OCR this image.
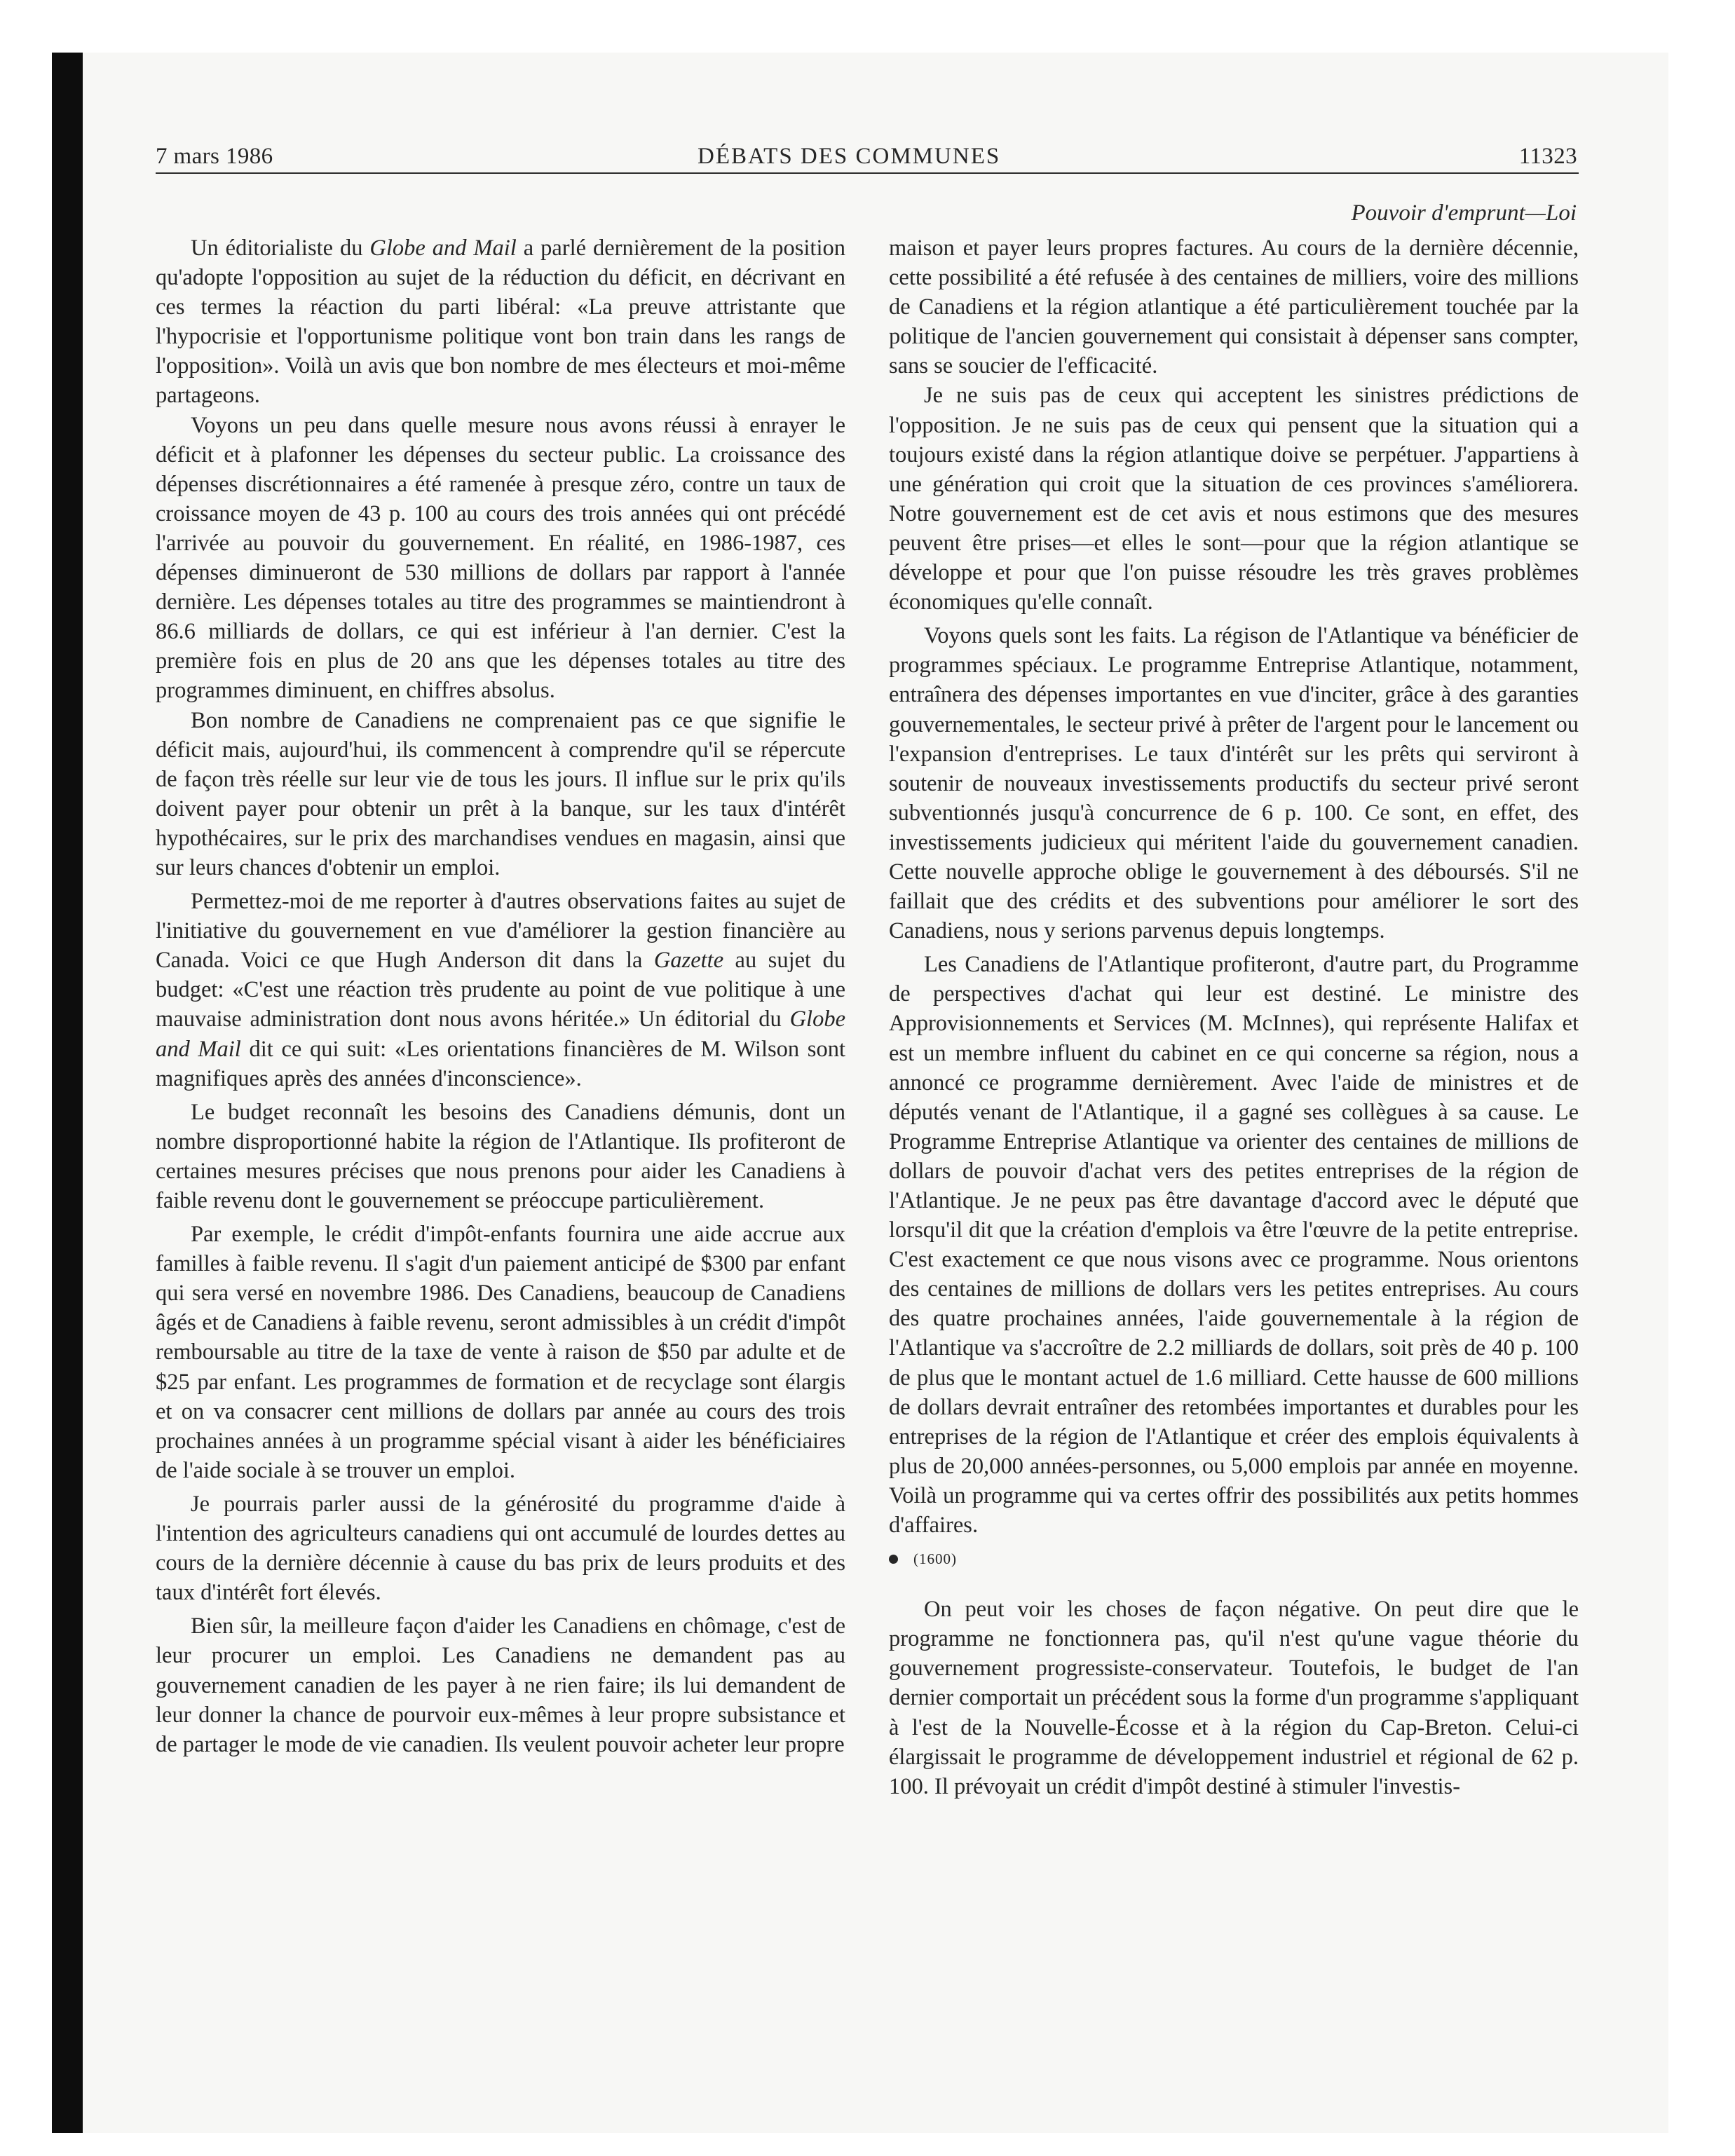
7 mars 1986	DÉBATS DES COMMUNES	11323
Pouvoir d'emprunt—Loi

Un éditorialiste du Globe and Mail a parlé dernièrement de la position qu'adopte l'opposition au sujet de la réduction du déficit, en décrivant en ces termes la réaction du parti libéral: «La preuve attristante que l'hypocrisie et l'opportunisme politique vont bon train dans les rangs de l'opposition». Voilà un avis que bon nombre de mes électeurs et moi-même partageons.

Voyons un peu dans quelle mesure nous avons réussi à enrayer le déficit et à plafonner les dépenses du secteur public. La croissance des dépenses discrétionnaires a été ramenée à presque zéro, contre un taux de croissance moyen de 43 p. 100 au cours des trois années qui ont précédé l'arrivée au pouvoir du gouvernement. En réalité, en 1986-1987, ces dépenses diminueront de 530 millions de dollars par rapport à l'année dernière. Les dépenses totales au titre des programmes se maintiendront à 86.6 milliards de dollars, ce qui est inférieur à l'an dernier. C'est la première fois en plus de 20 ans que les dépenses totales au titre des programmes diminuent, en chiffres absolus.

Bon nombre de Canadiens ne comprenaient pas ce que signifie le déficit mais, aujourd'hui, ils commencent à comprendre qu'il se répercute de façon très réelle sur leur vie de tous les jours. Il influe sur le prix qu'ils doivent payer pour obtenir un prêt à la banque, sur les taux d'intérêt hypothécaires, sur le prix des marchandises vendues en magasin, ainsi que sur leurs chances d'obtenir un emploi.

Permettez-moi de me reporter à d'autres observations faites au sujet de l'initiative du gouvernement en vue d'améliorer la gestion financière au Canada. Voici ce que Hugh Anderson dit dans la Gazette au sujet du budget: «C'est une réaction très prudente au point de vue politique à une mauvaise administration dont nous avons héritée.» Un éditorial du Globe and Mail dit ce qui suit: «Les orientations financières de M. Wilson sont magnifiques après des années d'inconscience».

Le budget reconnaît les besoins des Canadiens démunis, dont un nombre disproportionné habite la région de l'Atlantique. Ils profiteront de certaines mesures précises que nous prenons pour aider les Canadiens à faible revenu dont le gouvernement se préoccupe particulièrement.

Par exemple, le crédit d'impôt-enfants fournira une aide accrue aux familles à faible revenu. Il s'agit d'un paiement anticipé de $300 par enfant qui sera versé en novembre 1986. Des Canadiens, beaucoup de Canadiens âgés et de Canadiens à faible revenu, seront admissibles à un crédit d'impôt remboursable au titre de la taxe de vente à raison de $50 par adulte et de $25 par enfant. Les programmes de formation et de recyclage sont élargis et on va consacrer cent millions de dollars par année au cours des trois prochaines années à un programme spécial visant à aider les bénéficiaires de l'aide sociale à se trouver un emploi.

Je pourrais parler aussi de la générosité du programme d'aide à l'intention des agriculteurs canadiens qui ont accumulé de lourdes dettes au cours de la dernière décennie à cause du bas prix de leurs produits et des taux d'intérêt fort élevés.

Bien sûr, la meilleure façon d'aider les Canadiens en chômage, c'est de leur procurer un emploi. Les Canadiens ne demandent pas au gouvernement canadien de les payer à ne rien faire; ils lui demandent de leur donner la chance de pourvoir eux-mêmes à leur propre subsistance et de partager le mode de vie canadien. Ils veulent pouvoir acheter leur propre

maison et payer leurs propres factures. Au cours de la dernière décennie, cette possibilité a été refusée à des centaines de milliers, voire des millions de Canadiens et la région atlantique a été particulièrement touchée par la politique de l'ancien gouvernement qui consistait à dépenser sans compter, sans se soucier de l'efficacité.

Je ne suis pas de ceux qui acceptent les sinistres prédictions de l'opposition. Je ne suis pas de ceux qui pensent que la situation qui a toujours existé dans la région atlantique doive se perpétuer. J'appartiens à une génération qui croit que la situation de ces provinces s'améliorera. Notre gouvernement est de cet avis et nous estimons que des mesures peuvent être prises—et elles le sont—pour que la région atlantique se développe et pour que l'on puisse résoudre les très graves problèmes économiques qu'elle connaît.

Voyons quels sont les faits. La régison de l'Atlantique va bénéficier de programmes spéciaux. Le programme Entreprise Atlantique, notamment, entraînera des dépenses importantes en vue d'inciter, grâce à des garanties gouvernementales, le secteur privé à prêter de l'argent pour le lancement ou l'expansion d'entreprises. Le taux d'intérêt sur les prêts qui serviront à soutenir de nouveaux investissements productifs du secteur privé seront subventionnés jusqu'à concurrence de 6 p. 100. Ce sont, en effet, des investissements judicieux qui méritent l'aide du gouvernement canadien. Cette nouvelle approche oblige le gouvernement à des déboursés. S'il ne faillait que des crédits et des subventions pour améliorer le sort des Canadiens, nous y serions parvenus depuis longtemps.

Les Canadiens de l'Atlantique profiteront, d'autre part, du Programme de perspectives d'achat qui leur est destiné. Le ministre des Approvisionnements et Services (M. McInnes), qui représente Halifax et est un membre influent du cabinet en ce qui concerne sa région, nous a annoncé ce programme dernièrement. Avec l'aide de ministres et de députés venant de l'Atlantique, il a gagné ses collègues à sa cause. Le Programme Entreprise Atlantique va orienter des centaines de millions de dollars de pouvoir d'achat vers des petites entreprises de la région de l'Atlantique. Je ne peux pas être davantage d'accord avec le député que lorsqu'il dit que la création d'emplois va être l'œuvre de la petite entreprise. C'est exactement ce que nous visons avec ce programme. Nous orientons des centaines de millions de dollars vers les petites entreprises. Au cours des quatre prochaines années, l'aide gouvernementale à la région de l'Atlantique va s'accroître de 2.2 milliards de dollars, soit près de 40 p. 100 de plus que le montant actuel de 1.6 milliard. Cette hausse de 600 millions de dollars devrait entraîner des retombées importantes et durables pour les entreprises de la région de l'Atlantique et créer des emplois équivalents à plus de 20,000 années-personnes, ou 5,000 emplois par année en moyenne. Voilà un programme qui va certes offrir des possibilités aux petits hommes d'affaires.

(1600)

On peut voir les choses de façon négative. On peut dire que le programme ne fonctionnera pas, qu'il n'est qu'une vague théorie du gouvernement progressiste-conservateur. Toutefois, le budget de l'an dernier comportait un précédent sous la forme d'un programme s'appliquant à l'est de la Nouvelle-Écosse et à la région du Cap-Breton. Celui-ci élargissait le programme de développement industriel et régional de 62 p. 100. Il prévoyait un crédit d'impôt destiné à stimuler l'investis-
